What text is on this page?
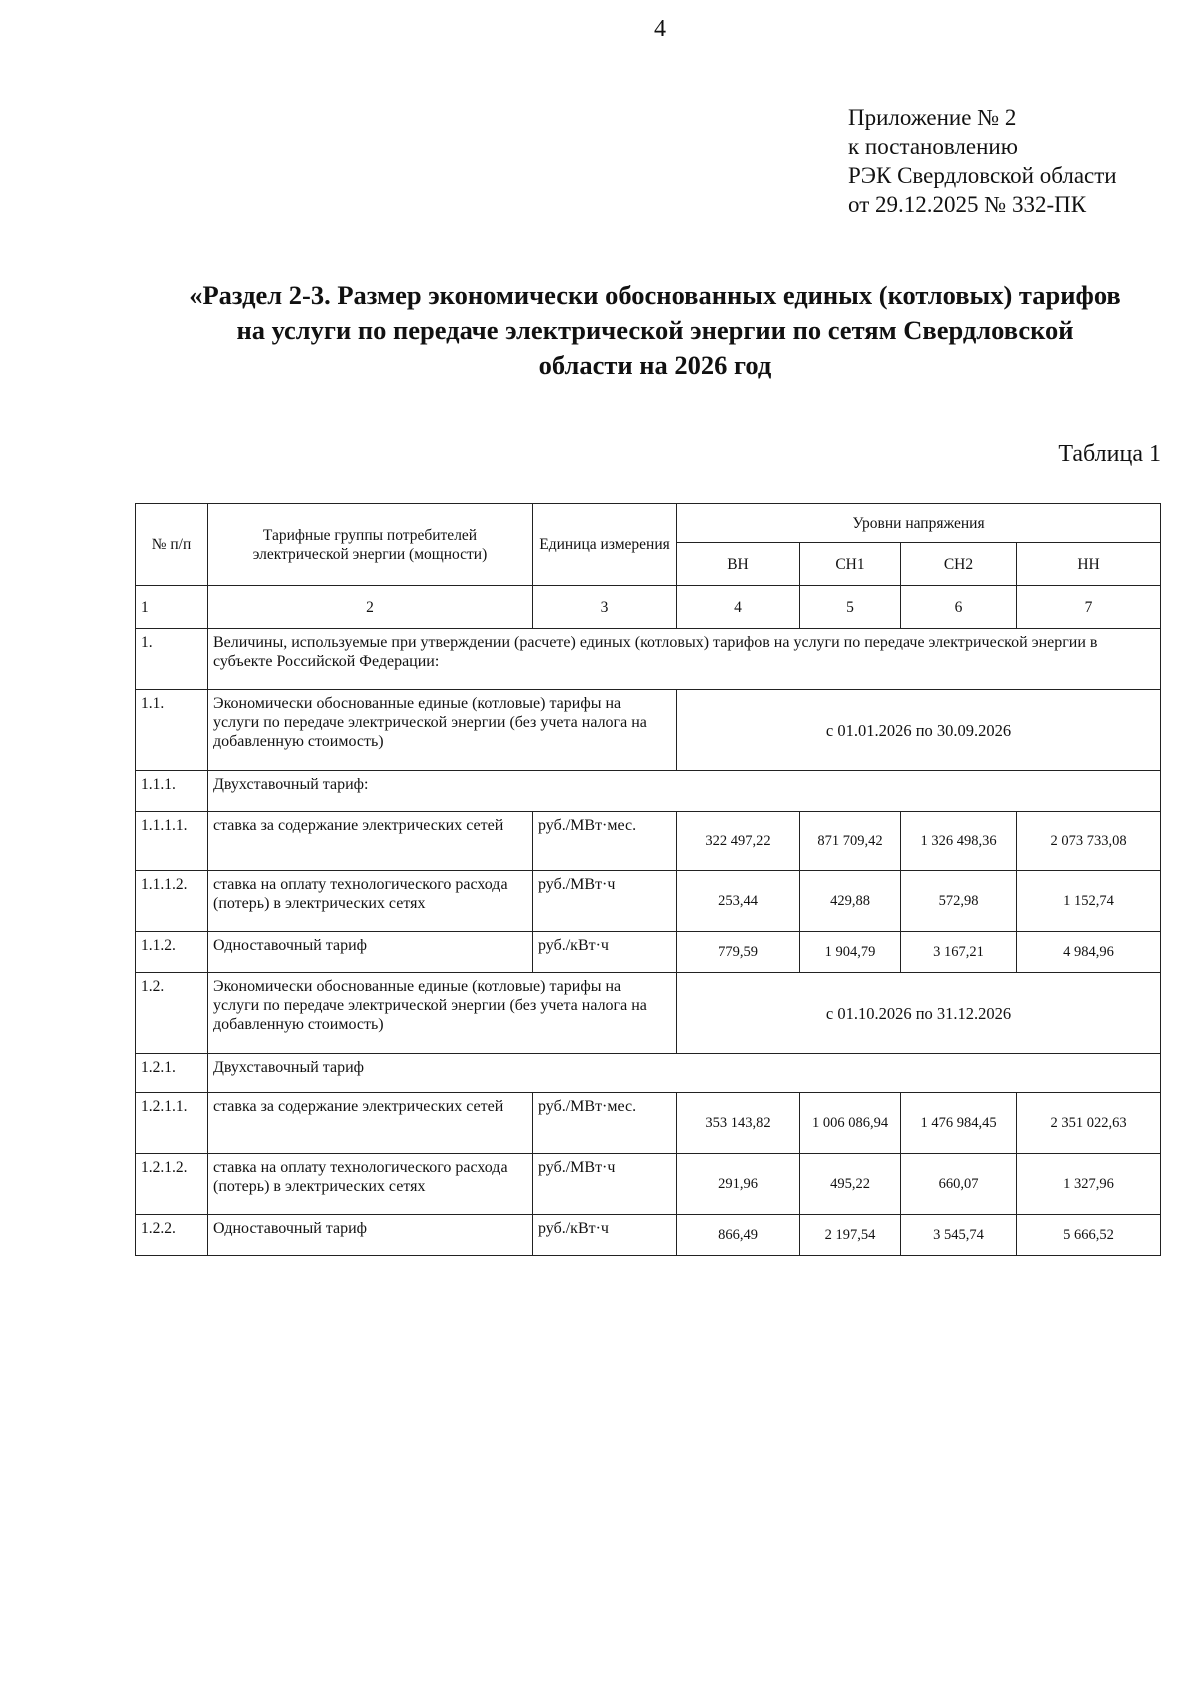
4
Приложение № 2
к постановлению
РЭК Свердловской области
от 29.12.2025 № 332-ПК
«Раздел 2-3. Размер экономически обоснованных единых (котловых) тарифов
на услуги по передаче электрической энергии по сетям Свердловской
области на 2026 год
Таблица 1
№ п/п	Тарифные группы потребителей электрической энергии (мощности)	Единица измерения	Уровни напряжения			
			ВН	СН1	СН2	НН
1	2	3	4	5	6	7
1.	Величины, используемые при утверждении (расчете) единых (котловых) тарифов на услуги по передаче электрической энергии в субъекте Российской Федерации:					
1.1.	Экономически обоснованные единые (котловые) тарифы на услуги по передаче электрической энергии (без учета налога на добавленную стоимость)		с 01.01.2026 по 30.09.2026			
1.1.1.	Двухставочный тариф:					
1.1.1.1.	ставка за содержание электрических сетей	руб./МВт·мес.	322 497,22	871 709,42	1 326 498,36	2 073 733,08
1.1.1.2.	ставка на оплату технологического расхода (потерь) в электрических сетях	руб./МВт·ч	253,44	429,88	572,98	1 152,74
1.1.2.	Одноставочный тариф	руб./кВт·ч	779,59	1 904,79	3 167,21	4 984,96
1.2.	Экономически обоснованные единые (котловые) тарифы на услуги по передаче электрической энергии (без учета налога на добавленную стоимость)		с 01.10.2026 по 31.12.2026			
1.2.1.	Двухставочный тариф					
1.2.1.1.	ставка за содержание электрических сетей	руб./МВт·мес.	353 143,82	1 006 086,94	1 476 984,45	2 351 022,63
1.2.1.2.	ставка на оплату технологического расхода (потерь) в электрических сетях	руб./МВт·ч	291,96	495,22	660,07	1 327,96
1.2.2.	Одноставочный тариф	руб./кВт·ч	866,49	2 197,54	3 545,74	5 666,52
